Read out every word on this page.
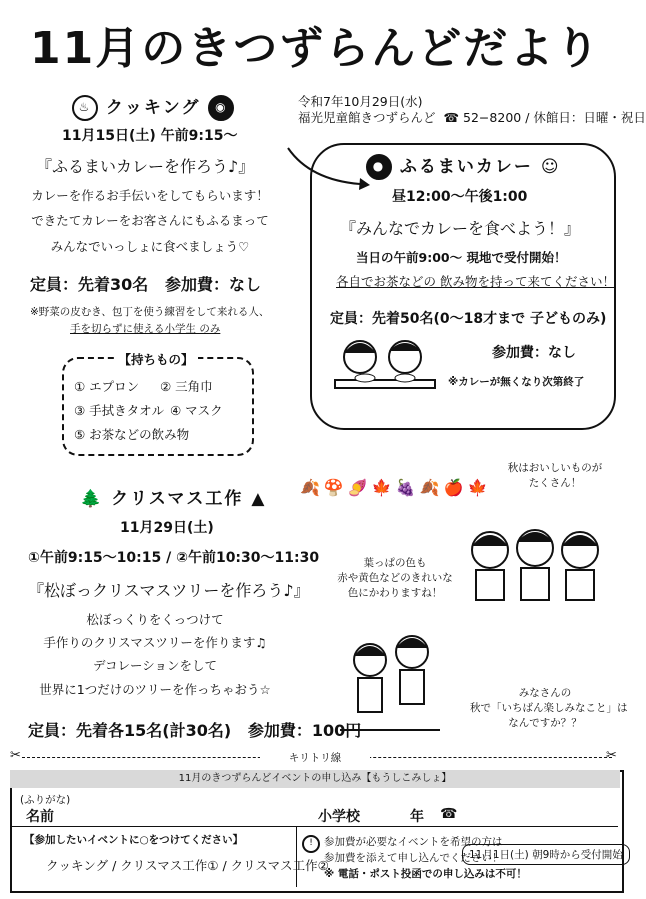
11月のきつずらんどだより
令和7年10月29日(水)
福光児童館きつずらんど  ☎ 52−8200 / 休館日：日曜・祝日
♨ クッキング ◉
11月15日(土) 午前9:15〜
『ふるまいカレーを作ろう♪』
カレーを作るお手伝いをしてもらいます！
できたてカレーをお客さんにもふるまって
みんなでいっしょに食べましょう♡
定員：先着30名 参加費：なし
※野菜の皮むき、包丁を使う練習をして来れる人、
手を切らずに使える小学生 のみ
【持ちもの】
① エプロン ② 三角巾
③ 手拭きタオル ④ マスク
⑤ お茶などの飲み物
● ふるまいカレー ☺
昼12:00〜午後1:00
『みんなでカレーを食べよう！』
当日の午前9:00〜 現地で受付開始！
各自でお茶などの 飲み物を持って来てください！
定員：先着50名(0〜18才まで 子どものみ)
参加費：なし
※カレーが無くなり次第終了
🌲 クリスマス工作 ▲
11月29日(土)
①午前9:15〜10:15 / ②午前10:30〜11:30
『松ぼっクリスマスツリーを作ろう♪』
松ぼっくりをくっつけて
手作りのクリスマスツリーを作ります♫
デコレーションをして
世界に1つだけのツリーを作っちゃおう☆
定員：先着各15名(計30名) 参加費：100円
🍂🍄🍠🍁🍇🍂🍎🍁
秋はおいしいものが
たくさん！
葉っぱの色も
赤や黄色などのきれいな
色にかわりますね！
みなさんの
秋で「いちばん楽しみなこと」は
なんですか？？
キリトリ線
✂	✂
11月のきつずらんどイベントの申し込み【もうしこみしょ】
(ふりがな)
名前	小学校	年 ☎
【参加したいイベントに○をつけてください】
クッキング / クリスマス工作① / クリスマス工作②
!	参加費が必要なイベントを希望の方は
参加費を添えて申し込んでください！
※ 電話・ポスト投函での申し込みは不可！
11月1日(土) 朝9時から受付開始
